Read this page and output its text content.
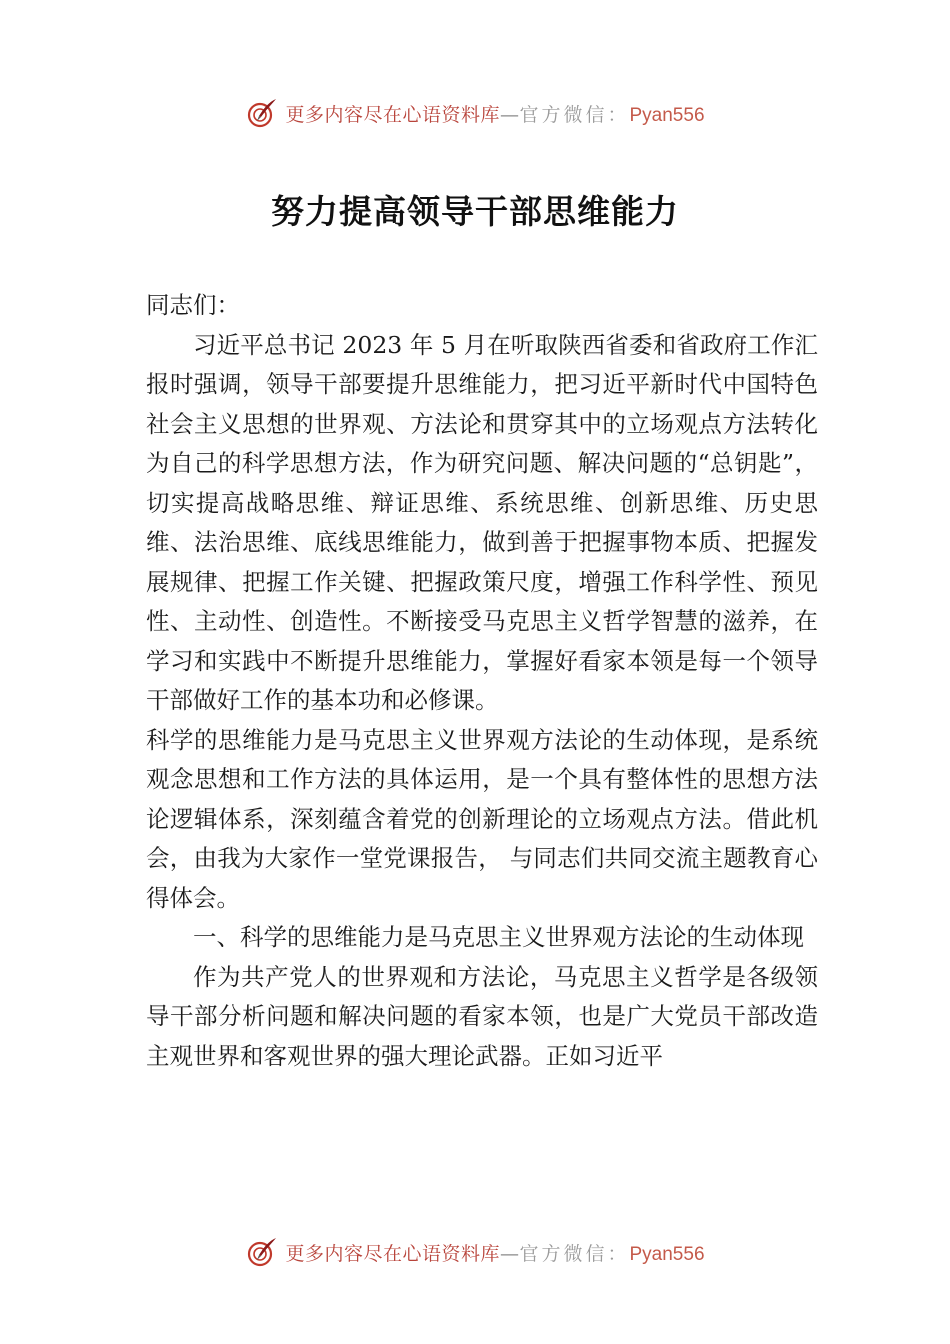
更多内容尽在心语资料库—官方微信：Pyan556
努力提高领导干部思维能力

同志们：

习近平总书记 2023 年 5 月在听取陕西省委和省政府工作汇报时强调，领导干部要提升思维能力，把习近平新时代中国特色社会主义思想的世界观、方法论和贯穿其中的立场观点方法转化为自己的科学思想方法，作为研究问题、解决问题的“总钥匙”，切实提高战略思维、辩证思维、系统思维、创新思维、历史思维、法治思维、底线思维能力，做到善于把握事物本质、把握发展规律、把握工作关键、把握政策尺度，增强工作科学性、预见性、主动性、创造性。不断接受马克思主义哲学智慧的滋养，在学习和实践中不断提升思维能力，掌握好看家本领是每一个领导干部做好工作的基本功和必修课。

科学的思维能力是马克思主义世界观方法论的生动体现，是系统观念思想和工作方法的具体运用，是一个具有整体性的思想方法论逻辑体系，深刻蕴含着党的创新理论的立场观点方法。借此机会，由我为大家作一堂党课报告， 与同志们共同交流主题教育心得体会。

一、科学的思维能力是马克思主义世界观方法论的生动体现

作为共产党人的世界观和方法论，马克思主义哲学是各级领导干部分析问题和解决问题的看家本领，也是广大党员干部改造主观世界和客观世界的强大理论武器。正如习近平

更多内容尽在心语资料库—官方微信：Pyan556
